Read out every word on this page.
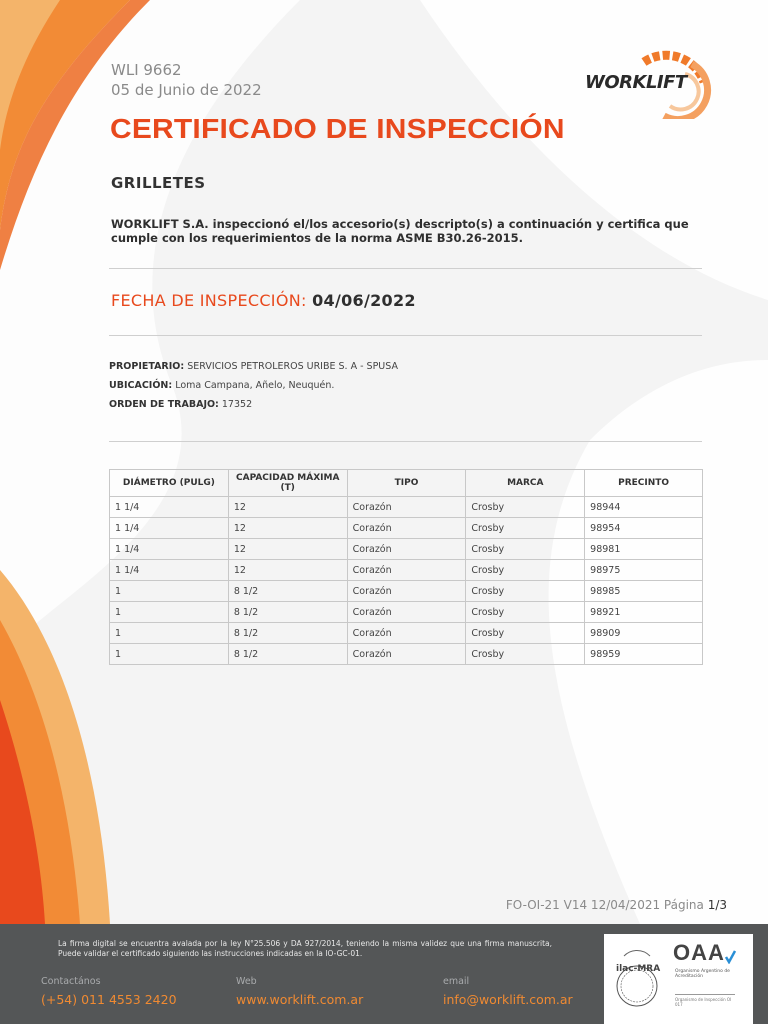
WLI 9662
05 de Junio de 2022	WORKLIFT
CERTIFICADO DE INSPECCIÓN
GRILLETES
WORKLIFT S.A. inspeccionó el/los accesorio(s) descripto(s) a continuación y certifica que cumple con los requerimientos de la norma ASME B30.26-2015.
FECHA DE INSPECCIÓN: 04/06/2022
PROPIETARIO: SERVICIOS PETROLEROS URIBE S. A - SPUSA
UBICACIÓN: Loma Campana, Añelo, Neuquén.
ORDEN DE TRABAJO: 17352
DIÁMETRO (PULG)	CAPACIDAD MÁXIMA (T)	TIPO	MARCA	PRECINTO
1 1/4	12	Corazón	Crosby	98944
1 1/4	12	Corazón	Crosby	98954
1 1/4	12	Corazón	Crosby	98981
1 1/4	12	Corazón	Crosby	98975
1	8 1/2	Corazón	Crosby	98985
1	8 1/2	Corazón	Crosby	98921
1	8 1/2	Corazón	Crosby	98909
1	8 1/2	Corazón	Crosby	98959
FO-OI-21 V14 12/04/2021 Página 1/3
La firma digital se encuentra avalada por la ley N°25.506 y DA 927/2014, teniendo la misma validez que una firma manuscrita, Puede validar el certificado siguiendo las instrucciones indicadas en la IO-GC-01.
Contactános
(+54) 011 4553 2420
Web
www.worklift.com.ar
email
info@worklift.com.ar
ilac-MRA
OAA
Organismo Argentino de Acreditación
Organismo de Inspección OI 017
